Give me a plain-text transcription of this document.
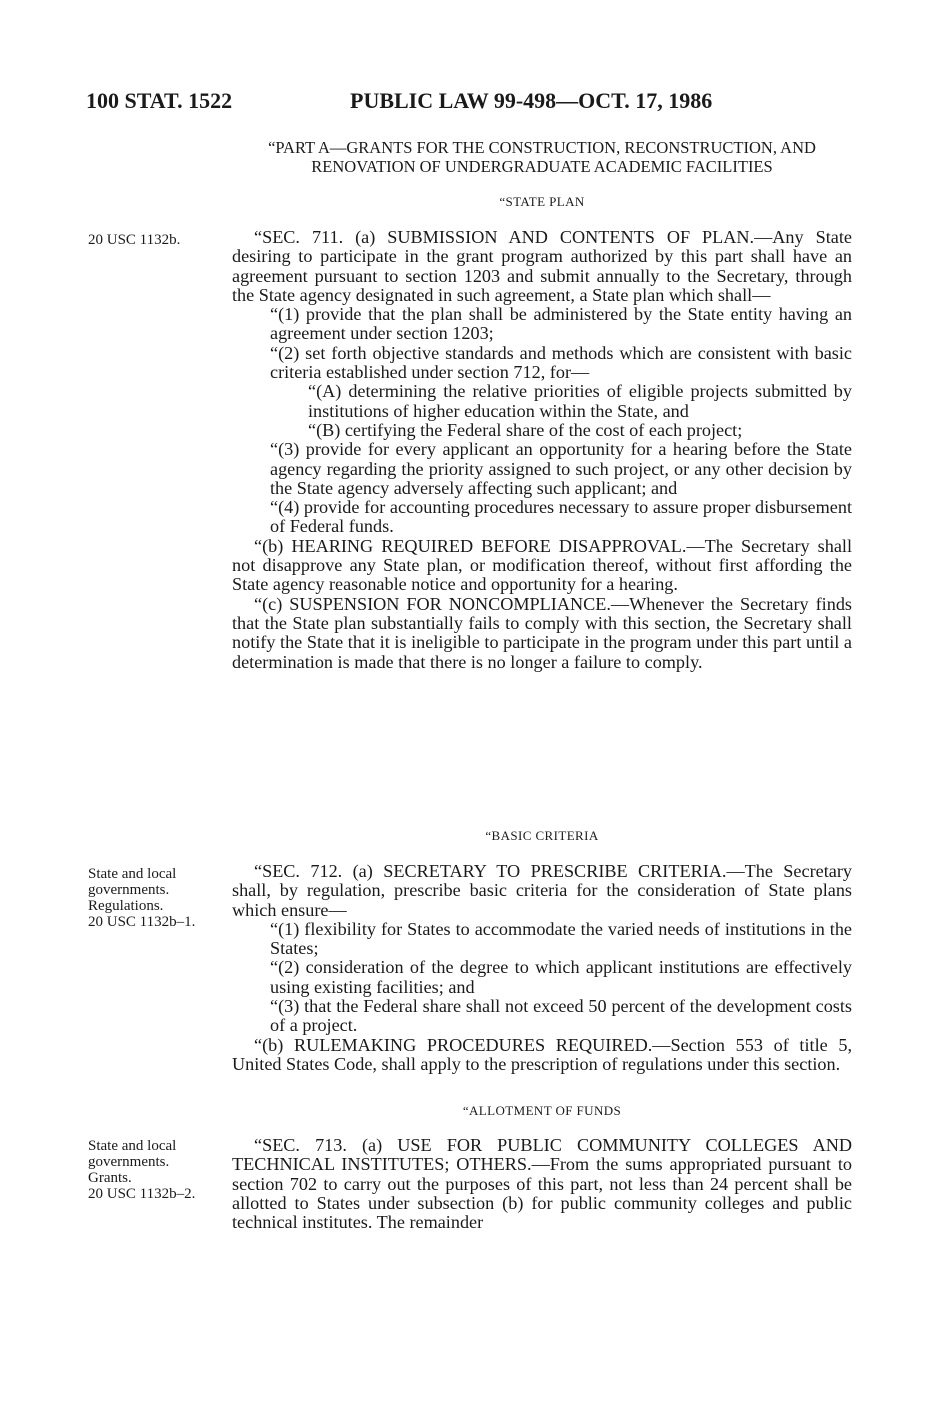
100 STAT. 1522	PUBLIC LAW 99-498—OCT. 17, 1986
“PART A—GRANTS FOR THE CONSTRUCTION, RECONSTRUCTION, AND
RENOVATION OF UNDERGRADUATE ACADEMIC FACILITIES
“STATE PLAN
20 USC 1132b.	“SEC. 711. (a) SUBMISSION AND CONTENTS OF PLAN.—Any State desiring to participate in the grant program authorized by this part shall have an agreement pursuant to section 1203 and submit annually to the Secretary, through the State agency designated in such agreement, a State plan which shall—

“(1) provide that the plan shall be administered by the State entity having an agreement under section 1203;

“(2) set forth objective standards and methods which are consistent with basic criteria established under section 712, for—

“(A) determining the relative priorities of eligible projects submitted by institutions of higher education within the State, and

“(B) certifying the Federal share of the cost of each project;

“(3) provide for every applicant an opportunity for a hearing before the State agency regarding the priority assigned to such project, or any other decision by the State agency adversely affecting such applicant; and

“(4) provide for accounting procedures necessary to assure proper disbursement of Federal funds.

“(b) HEARING REQUIRED BEFORE DISAPPROVAL.—The Secretary shall not disapprove any State plan, or modification thereof, without first affording the State agency reasonable notice and opportunity for a hearing.

“(c) SUSPENSION FOR NONCOMPLIANCE.—Whenever the Secretary finds that the State plan substantially fails to comply with this section, the Secretary shall notify the State that it is ineligible to participate in the program under this part until a determination is made that there is no longer a failure to comply.

“BASIC CRITERIA
State and local
governments.
Regulations.
20 USC 1132b–1.

“SEC. 712. (a) SECRETARY TO PRESCRIBE CRITERIA.—The Secretary shall, by regulation, prescribe basic criteria for the consideration of State plans which ensure—

“(1) flexibility for States to accommodate the varied needs of institutions in the States;

“(2) consideration of the degree to which applicant institutions are effectively using existing facilities; and

“(3) that the Federal share shall not exceed 50 percent of the development costs of a project.

“(b) RULEMAKING PROCEDURES REQUIRED.—Section 553 of title 5, United States Code, shall apply to the prescription of regulations under this section.

“ALLOTMENT OF FUNDS
State and local
governments.
Grants.
20 USC 1132b–2.

“SEC. 713. (a) USE FOR PUBLIC COMMUNITY COLLEGES AND TECHNICAL INSTITUTES; OTHERS.—From the sums appropriated pursuant to section 702 to carry out the purposes of this part, not less than 24 percent shall be allotted to States under subsection (b) for public community colleges and public technical institutes. The remainder
